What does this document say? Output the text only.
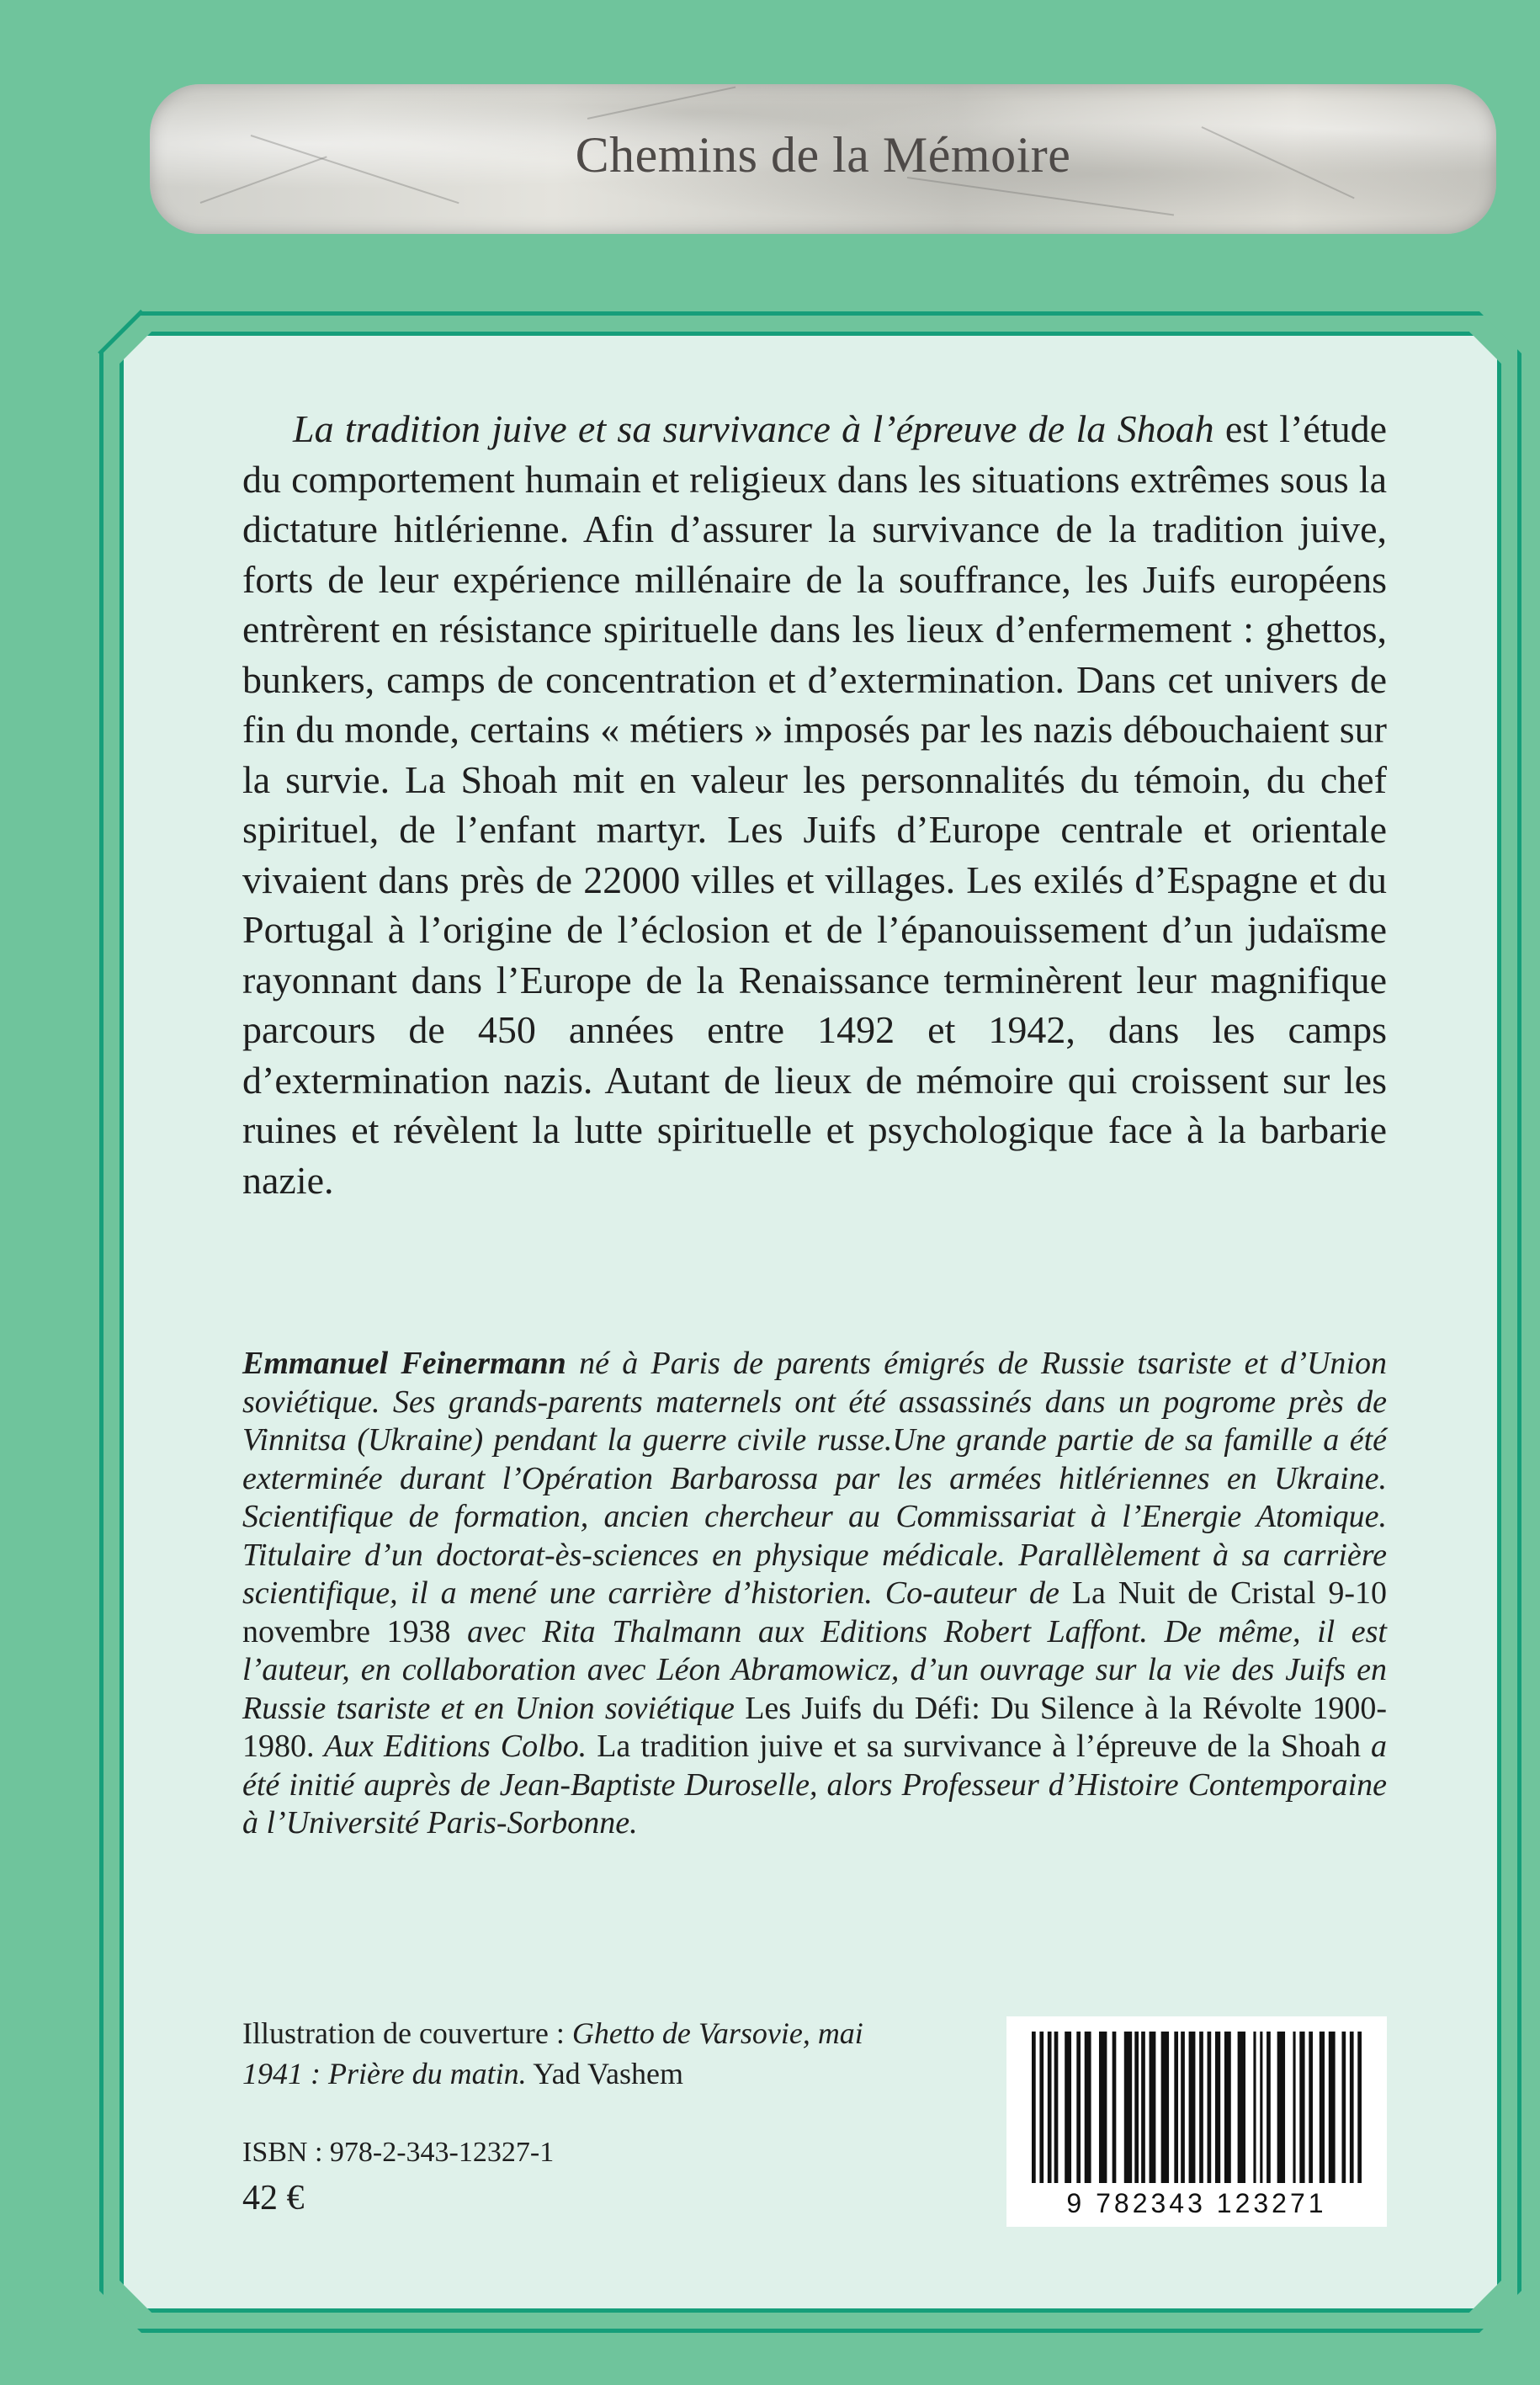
Chemins de la Mémoire

La tradition juive et sa survivance à l’épreuve de la Shoah est l’étude du comportement humain et religieux dans les situations extrêmes sous la dictature hitlérienne. Afin d’assurer la survivance de la tradition juive, forts de leur expérience millénaire de la souffrance, les Juifs européens entrèrent en résistance spirituelle dans les lieux d’enfermement : ghettos, bunkers, camps de concentration et d’extermination. Dans cet univers de fin du monde, certains « métiers » imposés par les nazis débouchaient sur la survie. La Shoah mit en valeur les personnalités du témoin, du chef spirituel, de l’enfant martyr. Les Juifs d’Europe centrale et orientale vivaient dans près de 22000 villes et villages. Les exilés d’Espagne et du Portugal à l’origine de l’éclosion et de l’épanouissement d’un judaïsme rayonnant dans l’Europe de la Renaissance terminèrent leur magnifique parcours de 450 années entre 1492 et 1942, dans les camps d’extermination nazis. Autant de lieux de mémoire qui croissent sur les ruines et révèlent la lutte spirituelle et psychologique face à la barbarie nazie.

Emmanuel Feinermann né à Paris de parents émigrés de Russie tsariste et d’Union soviétique. Ses grands-parents maternels ont été assassinés dans un pogrome près de Vinnitsa (Ukraine) pendant la guerre civile russe.Une grande partie de sa famille a été exterminée durant l’Opération Barbarossa par les armées hitlériennes en Ukraine. Scientifique de formation, ancien chercheur au Commissariat à l’Energie Atomique. Titulaire d’un doctorat-ès-sciences en physique médicale. Parallèlement à sa carrière scientifique, il a mené une carrière d’historien. Co-auteur de La Nuit de Cristal 9-10 novembre 1938 avec Rita Thalmann aux Editions Robert Laffont. De même, il est l’auteur, en collaboration avec Léon Abramowicz, d’un ouvrage sur la vie des Juifs en Russie tsariste et en Union soviétique Les Juifs du Défi: Du Silence à la Révolte 1900-1980. Aux Editions Colbo. La tradition juive et sa survivance à l’épreuve de la Shoah a été initié auprès de Jean-Baptiste Duroselle, alors Professeur d’Histoire Contemporaine à l’Université Paris-Sorbonne.

Illustration de couverture : Ghetto de Varsovie, mai 1941 : Prière du matin. Yad Vashem

ISBN : 978-2-343-12327-1
42 €	9 782343 123271
